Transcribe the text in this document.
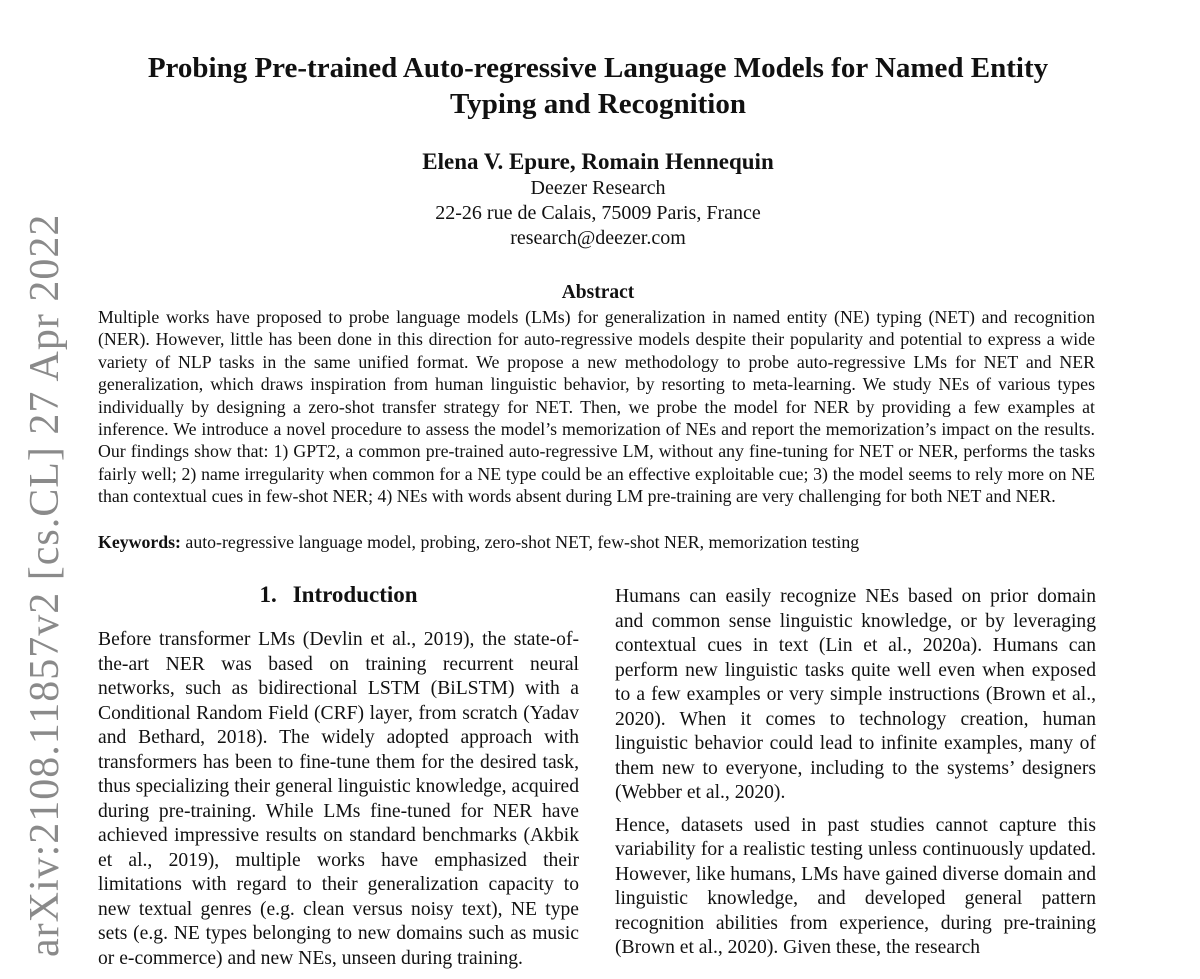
arXiv:2108.11857v2 [cs.CL] 27 Apr 2022
Probing Pre-trained Auto-regressive Language Models for Named Entity
Typing and Recognition
Elena V. Epure, Romain Hennequin
Deezer Research
22-26 rue de Calais, 75009 Paris, France
research@deezer.com
Abstract
Multiple works have proposed to probe language models (LMs) for generalization in named entity (NE) typing (NET) and recognition (NER). However, little has been done in this direction for auto-regressive models despite their popularity and potential to express a wide variety of NLP tasks in the same unified format. We propose a new methodology to probe auto-regressive LMs for NET and NER generalization, which draws inspiration from human linguistic behavior, by resorting to meta-learning. We study NEs of various types individually by designing a zero-shot transfer strategy for NET. Then, we probe the model for NER by providing a few examples at inference. We introduce a novel procedure to assess the model’s memorization of NEs and report the memorization’s impact on the results. Our findings show that: 1) GPT2, a common pre-trained auto-regressive LM, without any fine-tuning for NET or NER, performs the tasks fairly well; 2) name irregularity when common for a NE type could be an effective exploitable cue; 3) the model seems to rely more on NE than contextual cues in few-shot NER; 4) NEs with words absent during LM pre-training are very challenging for both NET and NER.
Keywords: auto-regressive language model, probing, zero-shot NET, few-shot NER, memorization testing
1. Introduction

Before transformer LMs (Devlin et al., 2019), the state-of-the-art NER was based on training recurrent neural networks, such as bidirectional LSTM (BiLSTM) with a Conditional Random Field (CRF) layer, from scratch (Yadav and Bethard, 2018). The widely adopted approach with transformers has been to fine-tune them for the desired task, thus specializing their general linguistic knowledge, acquired during pre-training. While LMs fine-tuned for NER have achieved impressive results on standard benchmarks (Akbik et al., 2019), multiple works have emphasized their limitations with regard to their generalization capacity to new textual genres (e.g. clean versus noisy text), NE type sets (e.g. NE types belonging to new domains such as music or e-commerce) and new NEs, unseen during training.

Humans can easily recognize NEs based on prior domain and common sense linguistic knowledge, or by leveraging contextual cues in text (Lin et al., 2020a). Humans can perform new linguistic tasks quite well even when exposed to a few examples or very simple instructions (Brown et al., 2020). When it comes to technology creation, human linguistic behavior could lead to infinite examples, many of them new to everyone, including to the systems’ designers (Webber et al., 2020).

Hence, datasets used in past studies cannot capture this variability for a realistic testing unless continuously updated. However, like humans, LMs have gained diverse domain and linguistic knowledge, and developed general pattern recognition abilities from experience, during pre-training (Brown et al., 2020). Given these, the research
